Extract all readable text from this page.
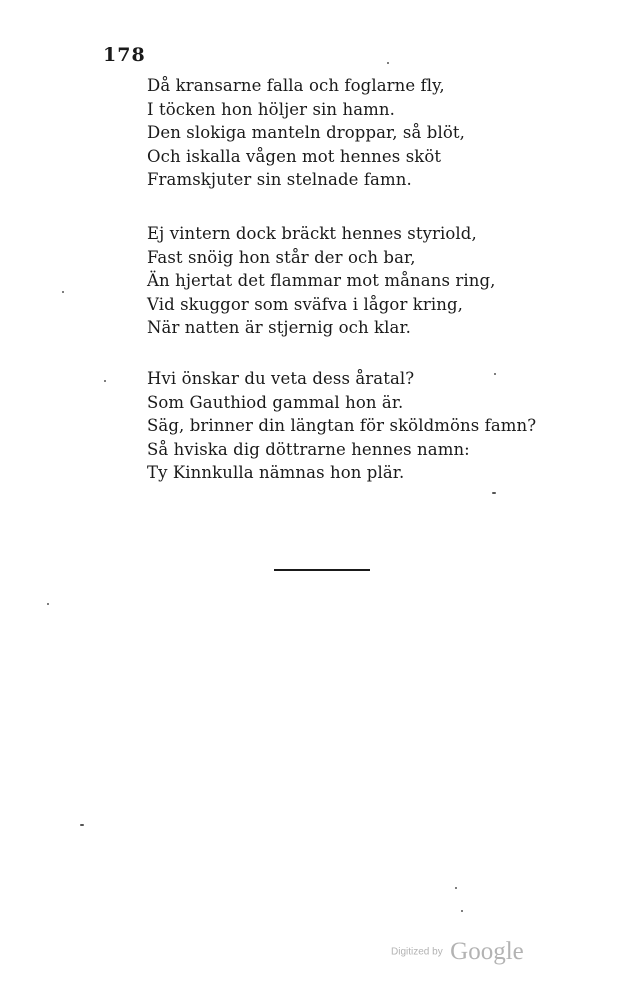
178
Då kransarne falla och foglarne fly,
I töcken hon höljer sin hamn.
Den slokiga manteln droppar, så blöt,
Och iskalla vågen mot hennes sköt
Framskjuter sin stelnade famn.
Ej vintern dock bräckt hennes styriold,
Fast snöig hon står der och bar,
Än hjertat det flammar mot månans ring,
Vid skuggor som sväfva i lågor kring,
När natten är stjernig och klar.
Hvi önskar du veta dess åratal?
Som Gauthiod gammal hon är.
Säg, brinner din längtan för sköldmöns famn?
Så hviska dig döttrarne hennes namn:
Ty Kinnkulla nämnas hon plär.
Digitized by Google
